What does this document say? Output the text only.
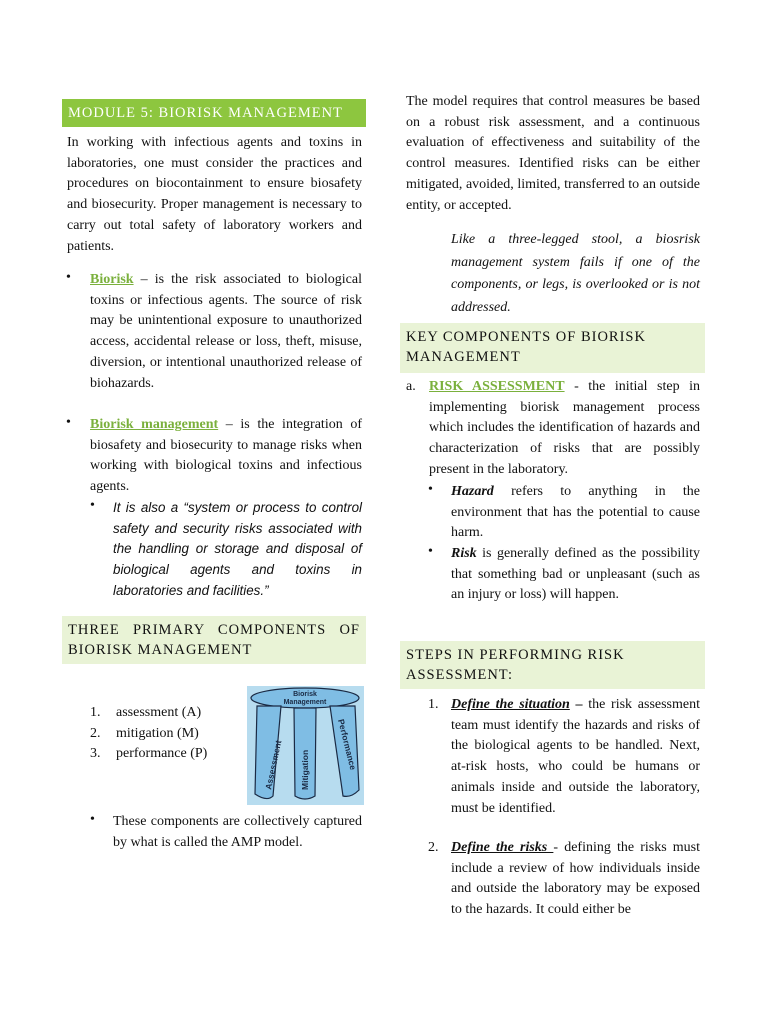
MODULE 5: BIORISK MANAGEMENT
In working with infectious agents and toxins in laboratories, one must consider the practices and procedures on biocontainment to ensure biosafety and biosecurity. Proper management is necessary to carry out total safety of laboratory workers and patients.
• Biorisk – is the risk associated to biological toxins or infectious agents. The source of risk may be unintentional exposure to unauthorized access, accidental release or loss, theft, misuse, diversion, or intentional unauthorized release of biohazards.
• Biorisk management – is the integration of biosafety and biosecurity to manage risks when working with biological toxins and infectious agents.
• It is also a “system or process to control safety and security risks associated with the handling or storage and disposal of biological agents and toxins in laboratories and facilities.”
THREE PRIMARY COMPONENTS OF BIORISK MANAGEMENT
1. assessment (A)
2. mitigation (M)
3. performance (P)
Biorisk
Management
Assessment Mitigation	Performance
• These components are collectively captured by what is called the AMP model.
The model requires that control measures be based on a robust risk assessment, and a continuous evaluation of effectiveness and suitability of the control measures. Identified risks can be either mitigated, avoided, limited, transferred to an outside entity, or accepted.
Like a three-legged stool, a biosrisk management system fails if one of the components, or legs, is overlooked or is not addressed.
KEY COMPONENTS OF BIORISK MANAGEMENT
a. RISK ASSESSMENT - the initial step in implementing biorisk management process which includes the identification of hazards and characterization of risks that are possibly present in the laboratory.
• Hazard refers to anything in the environment that has the potential to cause harm.
• Risk is generally defined as the possibility that something bad or unpleasant (such as an injury or loss) will happen.
STEPS IN PERFORMING RISK ASSESSMENT:
1. Define the situation – the risk assessment team must identify the hazards and risks of the biological agents to be handled. Next, at-risk hosts, who could be humans or animals inside and outside the laboratory, must be identified.
2. Define the risks - defining the risks must include a review of how individuals inside and outside the laboratory may be exposed to the hazards. It could either be
